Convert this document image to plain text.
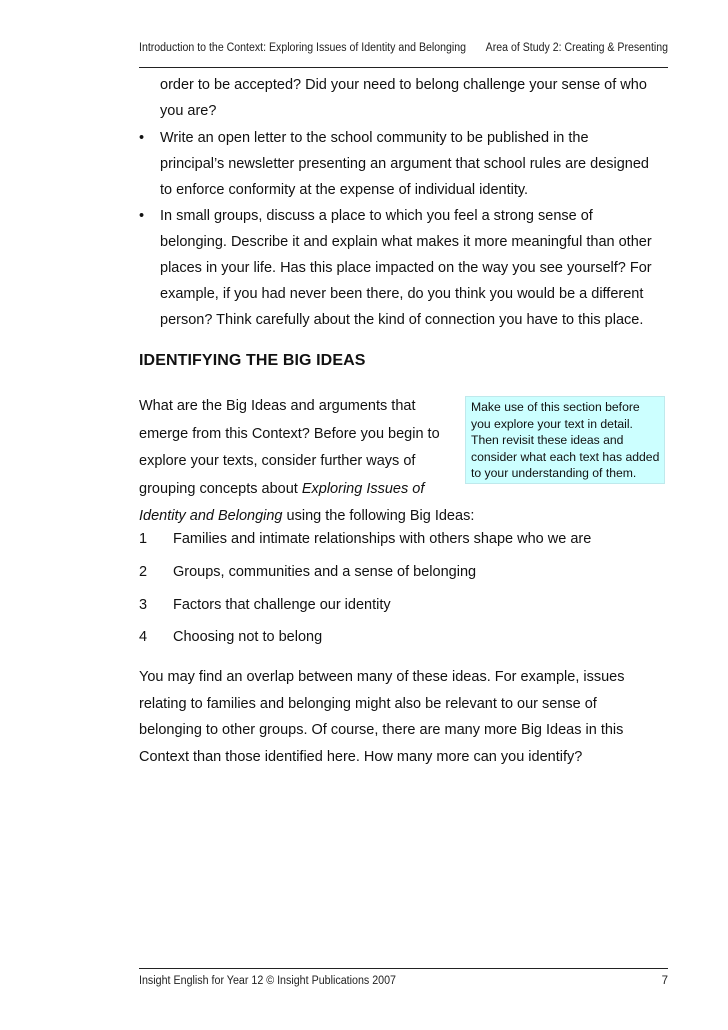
Introduction to the Context: Exploring Issues of Identity and Belonging Area of Study 2: Creating & Presenting
order to be accepted? Did your need to belong challenge your sense of who
you are?
•	Write an open letter to the school community to be published in the
principal’s newsletter presenting an argument that school rules are designed
to enforce conformity at the expense of individual identity.
•	In small groups, discuss a place to which you feel a strong sense of
belonging. Describe it and explain what makes it more meaningful than other
places in your life. Has this place impacted on the way you see yourself? For
example, if you had never been there, do you think you would be a different
person? Think carefully about the kind of connection you have to this place.
IDENTIFYING THE BIG IDEAS
What are the Big Ideas and arguments that
emerge from this Context? Before you begin to
explore your texts, consider further ways of
grouping concepts about Exploring Issues of
Identity and Belonging using the following Big Ideas:
Make use of this section before
you explore your text in detail.
Then revisit these ideas and
consider what each text has added
to your understanding of them.
1 Families and intimate relationships with others shape who we are
2 Groups, communities and a sense of belonging
3 Factors that challenge our identity
4 Choosing not to belong
You may find an overlap between many of these ideas. For example, issues
relating to families and belonging might also be relevant to our sense of
belonging to other groups. Of course, there are many more Big Ideas in this
Context than those identified here. How many more can you identify?
Insight English for Year 12 © Insight Publications 2007	7
